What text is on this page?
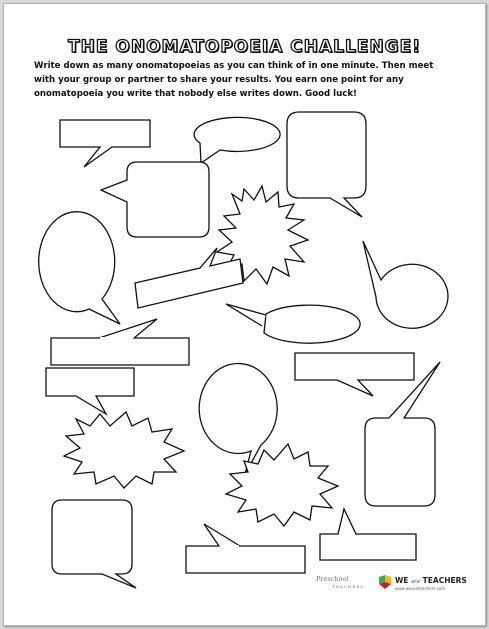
THE ONOMATOPOEIA CHALLENGE!
Write down as many onomatopoeias as you can think of in one minute. Then meet with your group or partner to share your results. You earn one point for any onomatopoeia you write that nobody else writes down. Good luck!
Preschool
TEACHERS
WE are TEACHERS
www.weareteachers.com
